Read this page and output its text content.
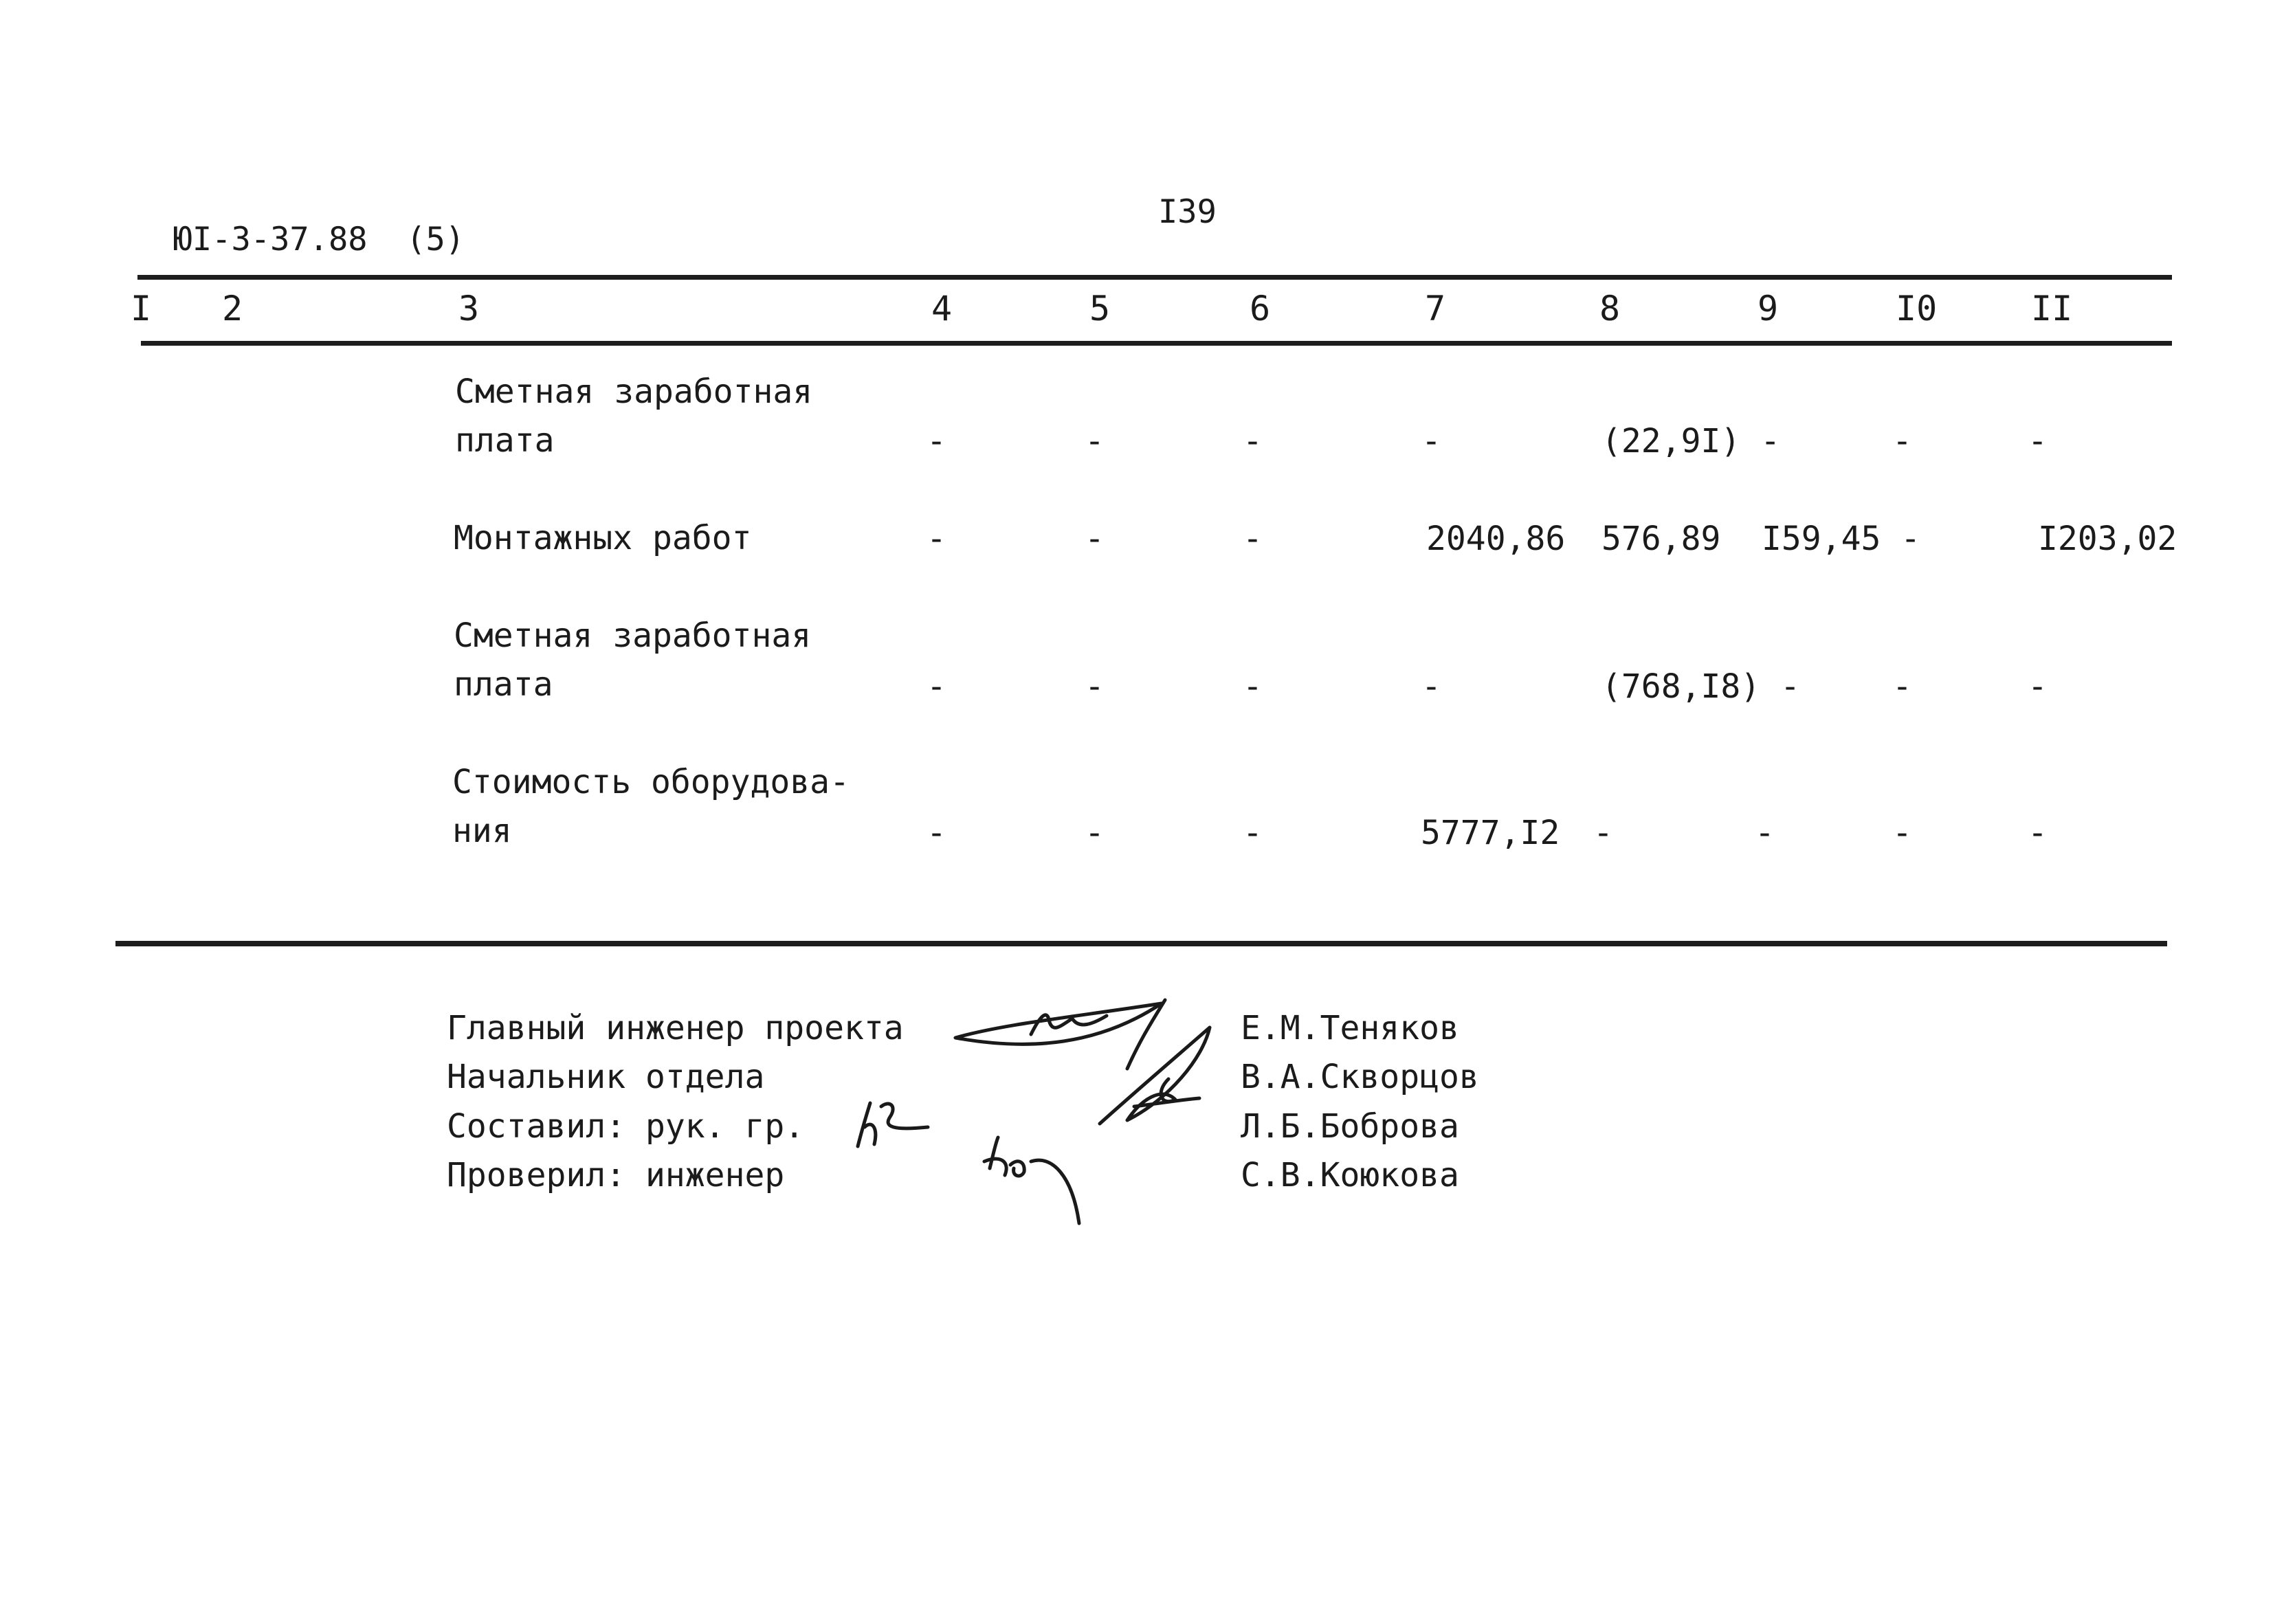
ЮI-3-37.88 (5)

I39
I 2	3	4	5	6	7	8	9	I0	II
Сметная заработная
плата	-	-	-	-	(22,9I) -	-	-
Монтажных работ	-	-	-	2040,86 576,89 I59,45 -	I203,02
Сметная заработная
плата	-	-	-	-	(768,I8) -	-	-
Стоимость оборудова-
ния	-	-	-	5777,I2 -	-	-	-
Главный инженер проекта
Начальник отдела
Составил: рук. гр.
Проверил: инженер
Е.М.Теняков
В.А.Скворцов
Л.Б.Боброва
С.В.Коюкова
